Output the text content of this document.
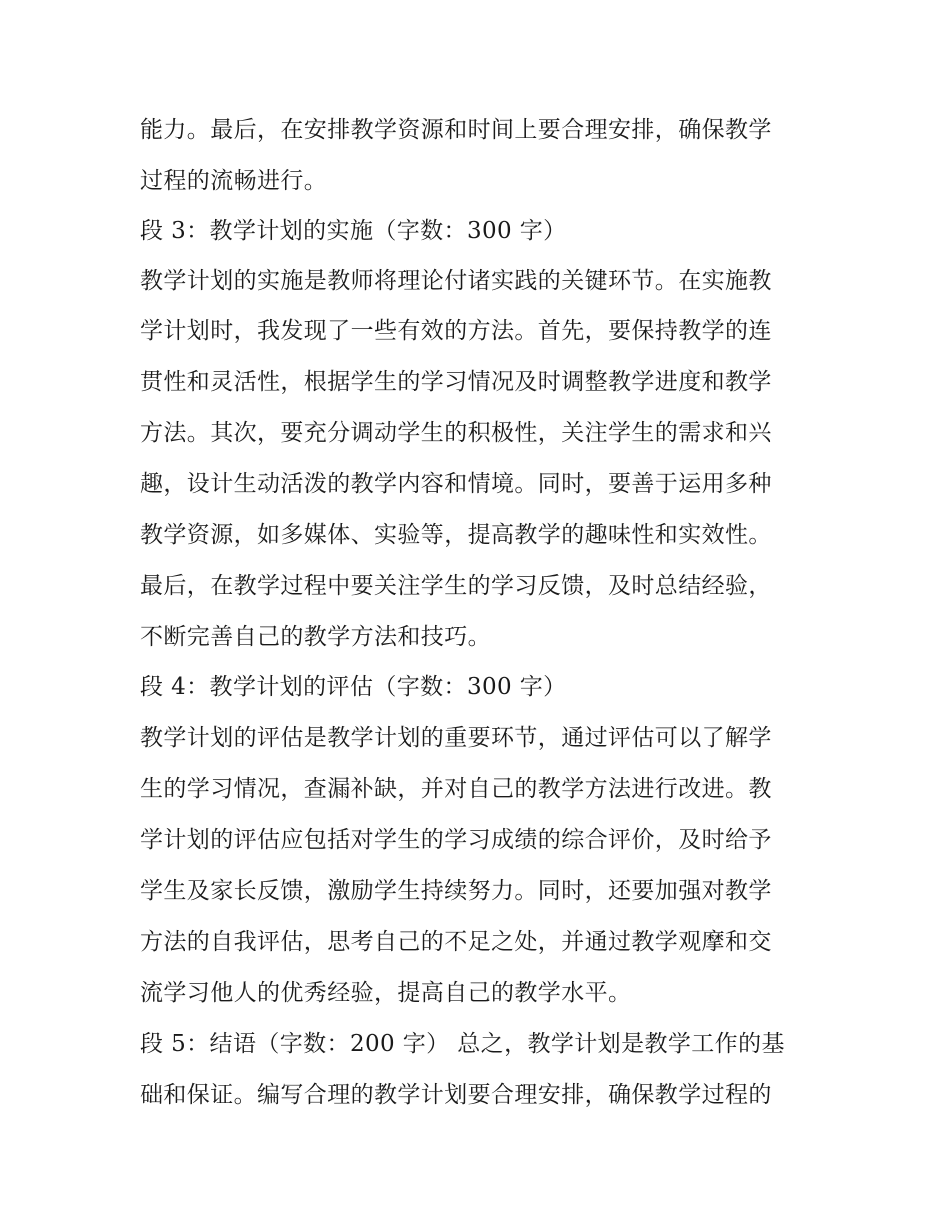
能力。最后，在安排教学资源和时间上要合理安排，确保教学
过程的流畅进行。
段 3：教学计划的实施（字数：300 字）
教学计划的实施是教师将理论付诸实践的关键环节。在实施教
学计划时，我发现了一些有效的方法。首先，要保持教学的连
贯性和灵活性，根据学生的学习情况及时调整教学进度和教学
方法。其次，要充分调动学生的积极性，关注学生的需求和兴
趣，设计生动活泼的教学内容和情境。同时，要善于运用多种
教学资源，如多媒体、实验等，提高教学的趣味性和实效性。
最后，在教学过程中要关注学生的学习反馈，及时总结经验，
不断完善自己的教学方法和技巧。
段 4：教学计划的评估（字数：300 字）
教学计划的评估是教学计划的重要环节，通过评估可以了解学
生的学习情况，查漏补缺，并对自己的教学方法进行改进。教
学计划的评估应包括对学生的学习成绩的综合评价，及时给予
学生及家长反馈，激励学生持续努力。同时，还要加强对教学
方法的自我评估，思考自己的不足之处，并通过教学观摩和交
流学习他人的优秀经验，提高自己的教学水平。
段 5：结语（字数：200 字） 总之，教学计划是教学工作的基
础和保证。编写合理的教学计划要合理安排，确保教学过程的
